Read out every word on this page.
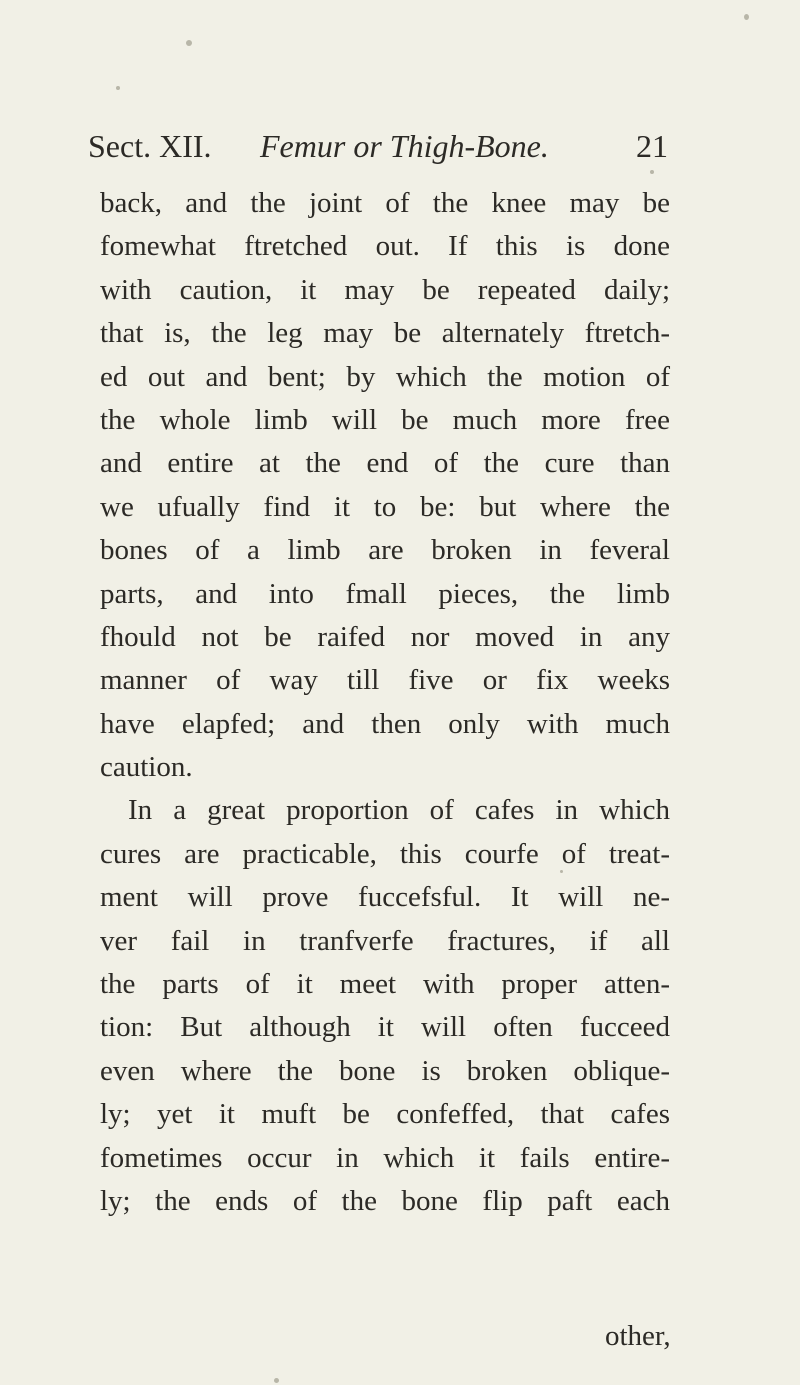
Sect. XII. Femur or Thigh-Bone.	21
back, and the joint of the knee may be
fomewhat ftretched out. If this is done
with caution, it may be repeated daily;
that is, the leg may be alternately ftretch-
ed out and bent; by which the motion of
the whole limb will be much more free
and entire at the end of the cure than
we ufually find it to be: but where the
bones of a limb are broken in feveral
parts, and into fmall pieces, the limb
fhould not be raifed nor moved in any
manner of way till five or fix weeks
have elapfed; and then only with much
caution.
In a great proportion of cafes in which
cures are practicable, this courfe of treat-
ment will prove fuccefsful. It will ne-
ver fail in tranfverfe fractures, if all
the parts of it meet with proper atten-
tion: But although it will often fucceed
even where the bone is broken oblique-
ly; yet it muft be confeffed, that cafes
fometimes occur in which it fails entire-
ly; the ends of the bone flip paft each
other,
